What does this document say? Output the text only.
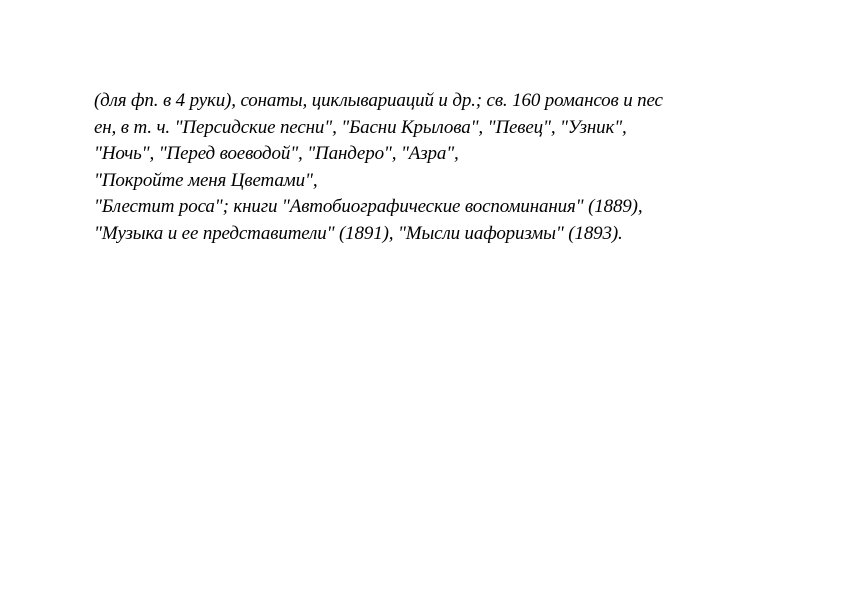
(для фп. в 4 руки), сонаты, циклывариаций и др.; св. 160 романсов и пес
ен, в т. ч. "Персидские песни", "Басни Крылова", "Певец", "Узник",
"Ночь", "Перед воеводой", "Пандеро", "Азра",
"Покройте меня Цветами",
"Блестит роса"; книги "Автобиографические воспоминания" (1889),
"Музыка и ее представители" (1891), "Мысли иафоризмы" (1893).
